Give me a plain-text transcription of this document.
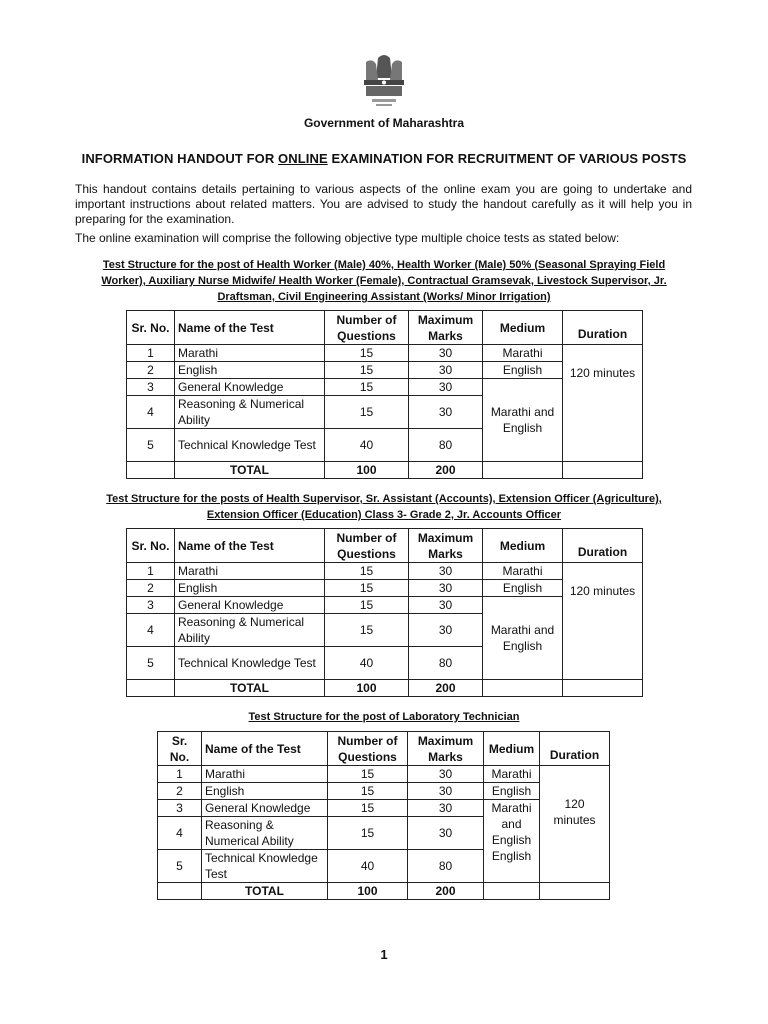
Government of Maharashtra
INFORMATION HANDOUT FOR ONLINE EXAMINATION FOR RECRUITMENT OF VARIOUS POSTS
This handout contains details pertaining to various aspects of the online exam you are going to undertake and important instructions about related matters. You are advised to study the handout carefully as it will help you in preparing for the examination.
The online examination will comprise the following objective type multiple choice tests as stated below:
Test Structure for the post of Health Worker (Male) 40%, Health Worker (Male) 50% (Seasonal Spraying Field Worker), Auxiliary Nurse Midwife/ Health Worker (Female), Contractual Gramsevak, Livestock Supervisor, Jr. Draftsman, Civil Engineering Assistant (Works/ Minor Irrigation)
Sr. No.	Name of the Test	Number of Questions	Maximum Marks	Medium	Duration
1	Marathi	15	30	Marathi	120 minutes
2	English	15	30	English	
3	General Knowledge	15	30	Marathi and English	
4	Reasoning & Numerical Ability	15	30		
5	Technical Knowledge Test	40	80		
	TOTAL	100	200		
Test Structure for the posts of Health Supervisor, Sr. Assistant (Accounts), Extension Officer (Agriculture), Extension Officer (Education) Class 3- Grade 2, Jr. Accounts Officer
Sr. No.	Name of the Test	Number of Questions	Maximum Marks	Medium	Duration
1	Marathi	15	30	Marathi	120 minutes
2	English	15	30	English	
3	General Knowledge	15	30	Marathi and English	
4	Reasoning & Numerical Ability	15	30		
5	Technical Knowledge Test	40	80		
	TOTAL	100	200		
Test Structure for the post of Laboratory Technician
Sr. No.	Name of the Test	Number of Questions	Maximum Marks	Medium	Duration
1	Marathi	15	30	Marathi	120 minutes
2	English	15	30	English	
3	General Knowledge	15	30	Marathi and English English	
4	Reasoning & Numerical Ability	15	30		
5	Technical Knowledge Test	40	80		
	TOTAL	100	200		
1
